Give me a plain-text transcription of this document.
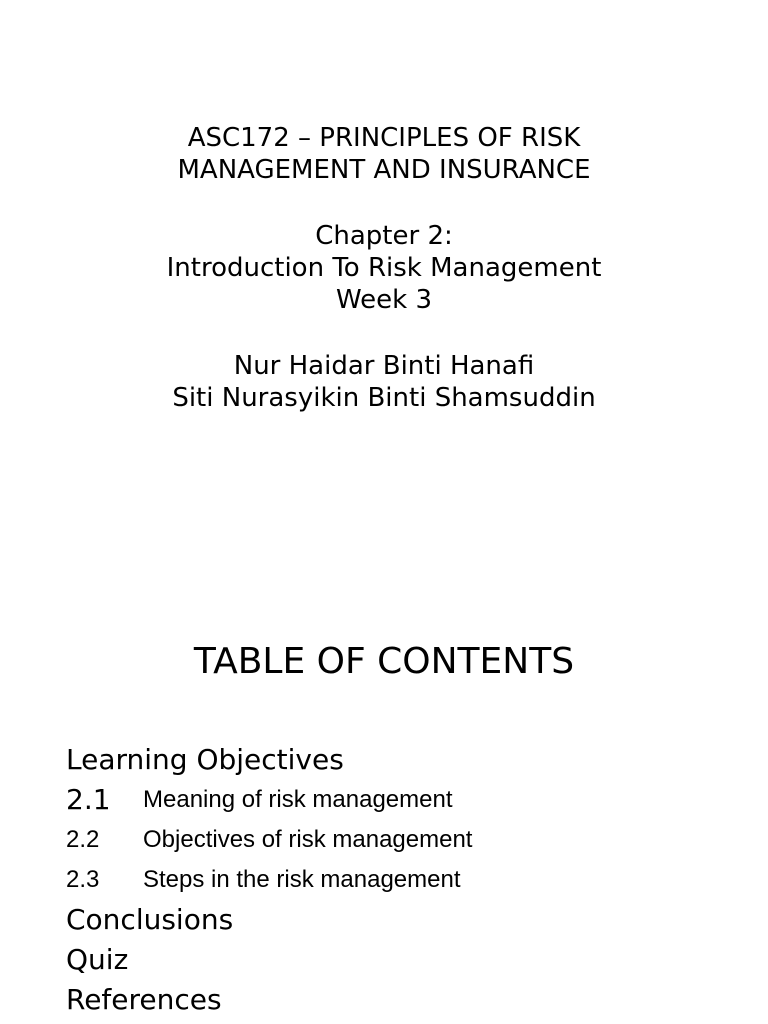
ASC172 – PRINCIPLES OF RISK
MANAGEMENT AND INSURANCE
Chapter 2:
Introduction To Risk Management
Week 3
Nur Haidar Binti Hanafi
Siti Nurasyikin Binti Shamsuddin
TABLE OF CONTENTS
Learning Objectives
2.1 Meaning of risk management
2.2 Objectives of risk management
2.3 Steps in the risk management
Conclusions
Quiz
References
